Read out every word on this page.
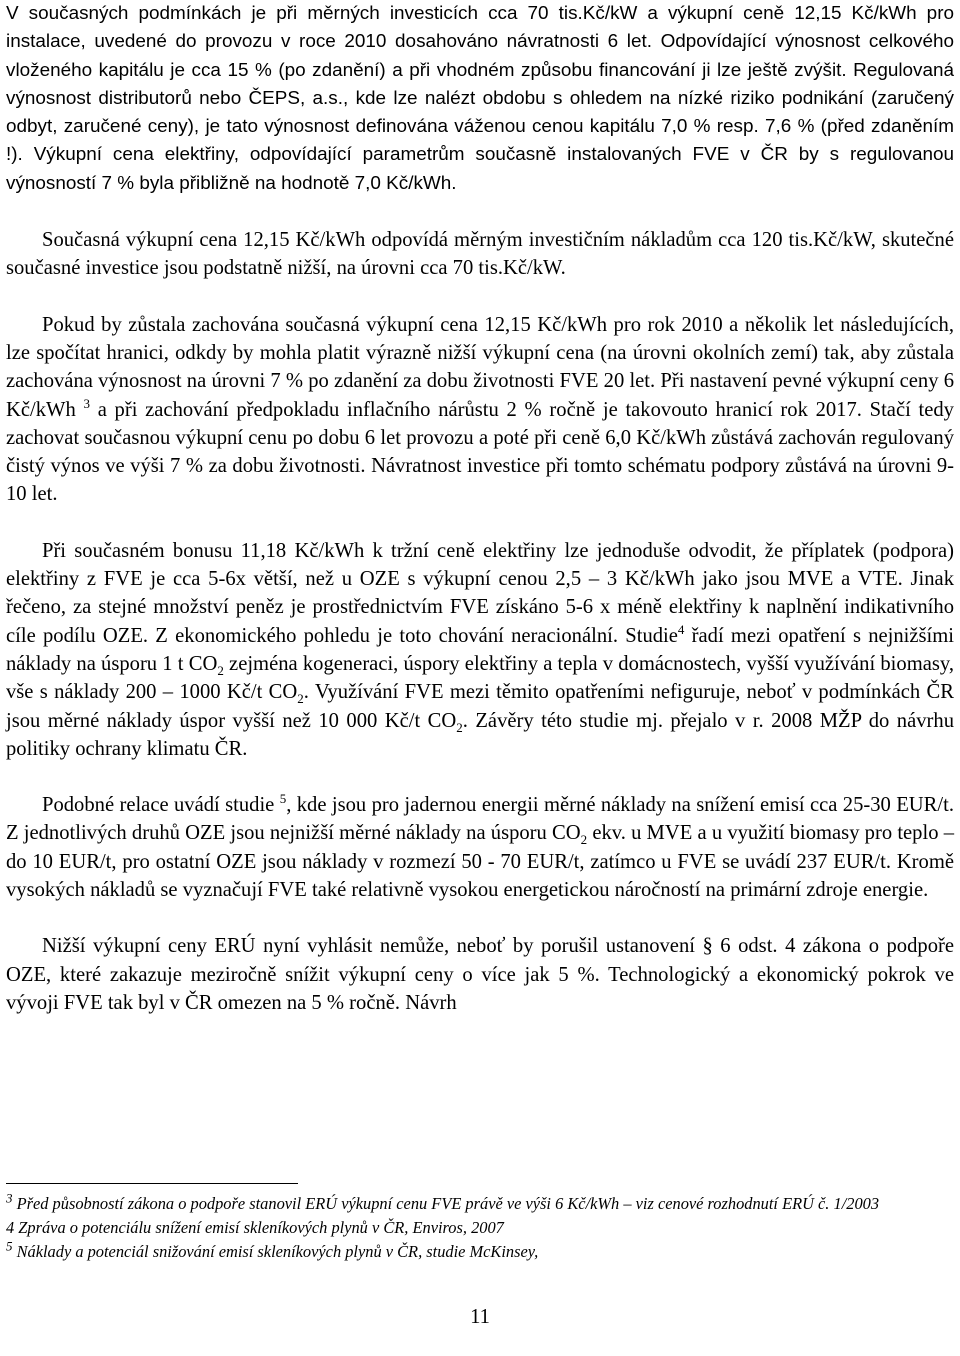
V současných podmínkách je při měrných investicích cca 70 tis.Kč/kW a výkupní ceně 12,15 Kč/kWh pro instalace, uvedené do provozu v roce 2010 dosahováno návratnosti 6 let. Odpovídající výnosnost celkového vloženého kapitálu je cca 15 % (po zdanění) a při vhodném způsobu financování ji lze ještě zvýšit. Regulovaná výnosnost distributorů nebo ČEPS, a.s., kde lze nalézt obdobu s ohledem na nízké riziko podnikání (zaručený odbyt, zaručené ceny), je tato výnosnost definována váženou cenou kapitálu 7,0 % resp. 7,6 % (před zdaněním !). Výkupní cena elektřiny, odpovídající parametrům současně instalovaných FVE v ČR by s regulovanou výnosností 7 % byla přibližně na hodnotě 7,0 Kč/kWh.

Současná výkupní cena 12,15 Kč/kWh odpovídá měrným investičním nákladům cca 120 tis.Kč/kW, skutečné současné investice jsou podstatně nižší, na úrovni cca 70 tis.Kč/kW.

Pokud by zůstala zachována současná výkupní cena 12,15 Kč/kWh pro rok 2010 a několik let následujících, lze spočítat hranici, odkdy by mohla platit výrazně nižší výkupní cena (na úrovni okolních zemí) tak, aby zůstala zachována výnosnost na úrovni 7 % po zdanění za dobu životnosti FVE 20 let. Při nastavení pevné výkupní ceny 6 Kč/kWh $^3$ a při zachování předpokladu inflačního nárůstu 2 % ročně je takovouto hranicí rok 2017. Stačí tedy zachovat současnou výkupní cenu po dobu 6 let provozu a poté při ceně 6,0 Kč/kWh zůstává zachován regulovaný čistý výnos ve výši 7 % za dobu životnosti. Návratnost investice při tomto schématu podpory zůstává na úrovni 9-10 let.

Při současném bonusu 11,18 Kč/kWh k tržní ceně elektřiny lze jednoduše odvodit, že příplatek (podpora) elektřiny z FVE je cca 5-6x větší, než u OZE s výkupní cenou 2,5 – 3 Kč/kWh jako jsou MVE a VTE. Jinak řečeno, za stejné množství peněz je prostřednictvím FVE získáno 5-6 x méně elektřiny k naplnění indikativního cíle podílu OZE. Z ekonomického pohledu je toto chování neracionální. Studie$^4$ řadí mezi opatření s nejnižšími náklady na úsporu 1 t $CO_2$ zejména kogeneraci, úspory elektřiny a tepla v domácnostech, vyšší využívání biomasy, vše s náklady 200 – 1000 Kč/t $CO_2$. Využívání FVE mezi těmito opatřeními nefiguruje, neboť v podmínkách ČR jsou měrné náklady úspor vyšší než 10 000 Kč/t $CO_2$. Závěry této studie mj. přejalo v r. 2008 MŽP do návrhu politiky ochrany klimatu ČR.

Podobné relace uvádí studie $^5$, kde jsou pro jadernou energii měrné náklady na snížení emisí cca 25-30 EUR/t. Z jednotlivých druhů OZE jsou nejnižší měrné náklady na úsporu $CO_2$ ekv. u MVE a u využití biomasy pro teplo – do 10 EUR/t, pro ostatní OZE jsou náklady v rozmezí 50 - 70 EUR/t, zatímco u FVE se uvádí 237 EUR/t. Kromě vysokých nákladů se vyznačují FVE také relativně vysokou energetickou náročností na primární zdroje energie.

Nižší výkupní ceny ERÚ nyní vyhlásit nemůže, neboť by porušil ustanovení § 6 odst. 4 zákona o podpoře OZE, které zakazuje meziročně snížit výkupní ceny o více jak 5 %. Technologický a ekonomický pokrok ve vývoji FVE tak byl v ČR omezen na 5 % ročně. Návrh

$^3$ Před působností zákona o podpoře stanovil ERÚ výkupní cenu FVE právě ve výši 6 Kč/kWh – viz cenové rozhodnutí ERÚ č. 1/2003

4 Zpráva o potenciálu snížení emisí skleníkových plynů v ČR, Enviros, 2007

$^5$ Náklady a potenciál snižování emisí skleníkových plynů v ČR, studie McKinsey,

11
